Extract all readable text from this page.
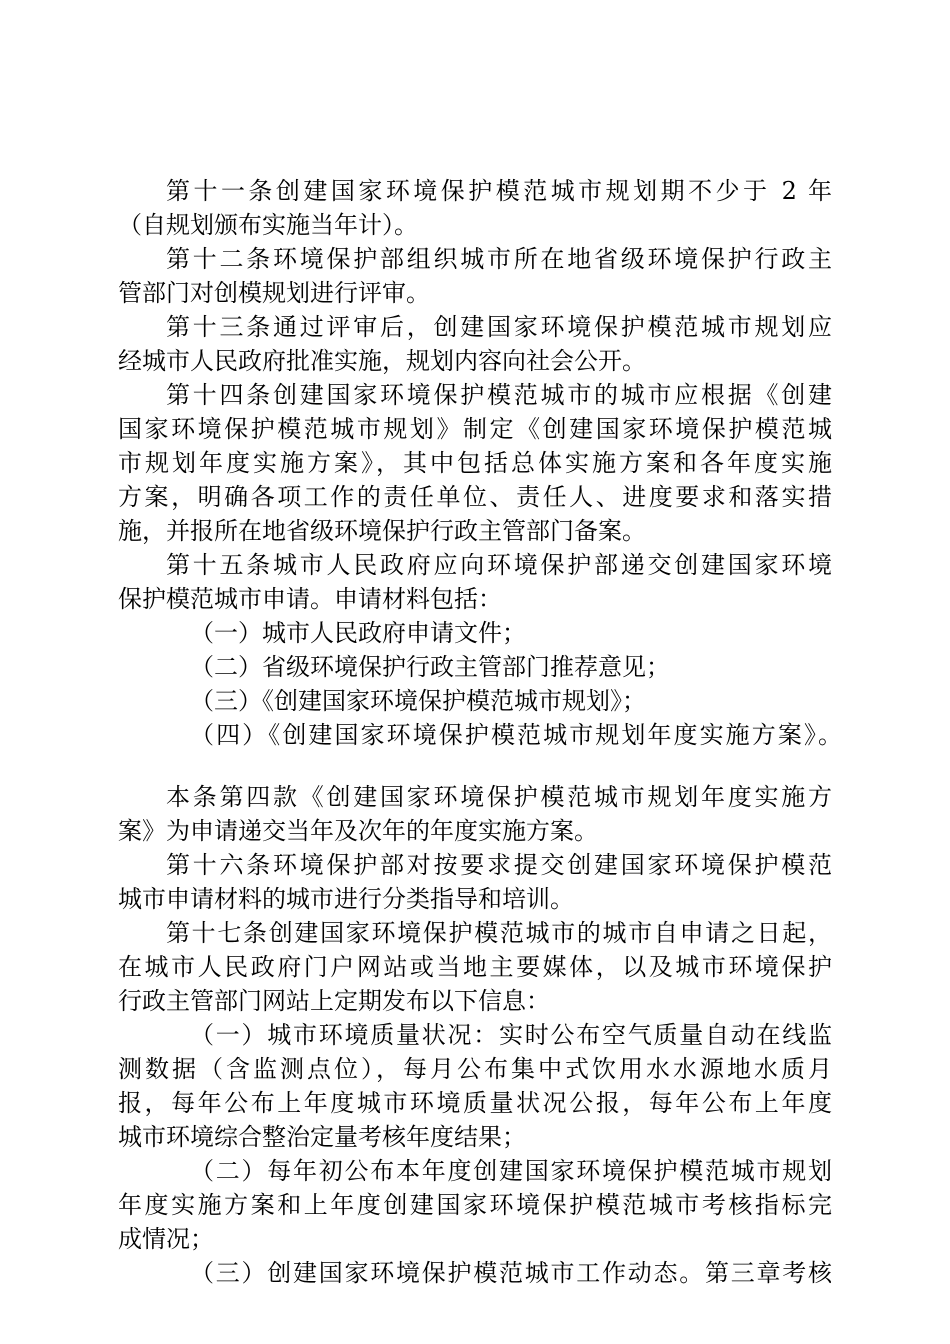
第十一条创建国家环境保护模范城市规划期不少于 2 年
（自规划颁布实施当年计）。
第十二条环境保护部组织城市所在地省级环境保护行政主
管部门对创模规划进行评审。
第十三条通过评审后，创建国家环境保护模范城市规划应
经城市人民政府批准实施，规划内容向社会公开。
第十四条创建国家环境保护模范城市的城市应根据《创建
国家环境保护模范城市规划》制定《创建国家环境保护模范城
市规划年度实施方案》，其中包括总体实施方案和各年度实施
方案，明确各项工作的责任单位、责任人、进度要求和落实措
施，并报所在地省级环境保护行政主管部门备案。
第十五条城市人民政府应向环境保护部递交创建国家环境
保护模范城市申请。申请材料包括：
（一）城市人民政府申请文件；
（二）省级环境保护行政主管部门推荐意见；
（三）《创建国家环境保护模范城市规划》；
（四）《创建国家环境保护模范城市规划年度实施方案》。
本条第四款《创建国家环境保护模范城市规划年度实施方
案》为申请递交当年及次年的年度实施方案。
第十六条环境保护部对按要求提交创建国家环境保护模范
城市申请材料的城市进行分类指导和培训。
第十七条创建国家环境保护模范城市的城市自申请之日起，
在城市人民政府门户网站或当地主要媒体，以及城市环境保护
行政主管部门网站上定期发布以下信息：
（一）城市环境质量状况：实时公布空气质量自动在线监
测数据（含监测点位），每月公布集中式饮用水水源地水质月
报，每年公布上年度城市环境质量状况公报，每年公布上年度
城市环境综合整治定量考核年度结果；
（二）每年初公布本年度创建国家环境保护模范城市规划
年度实施方案和上年度创建国家环境保护模范城市考核指标完
成情况；
（三）创建国家环境保护模范城市工作动态。第三章考核
